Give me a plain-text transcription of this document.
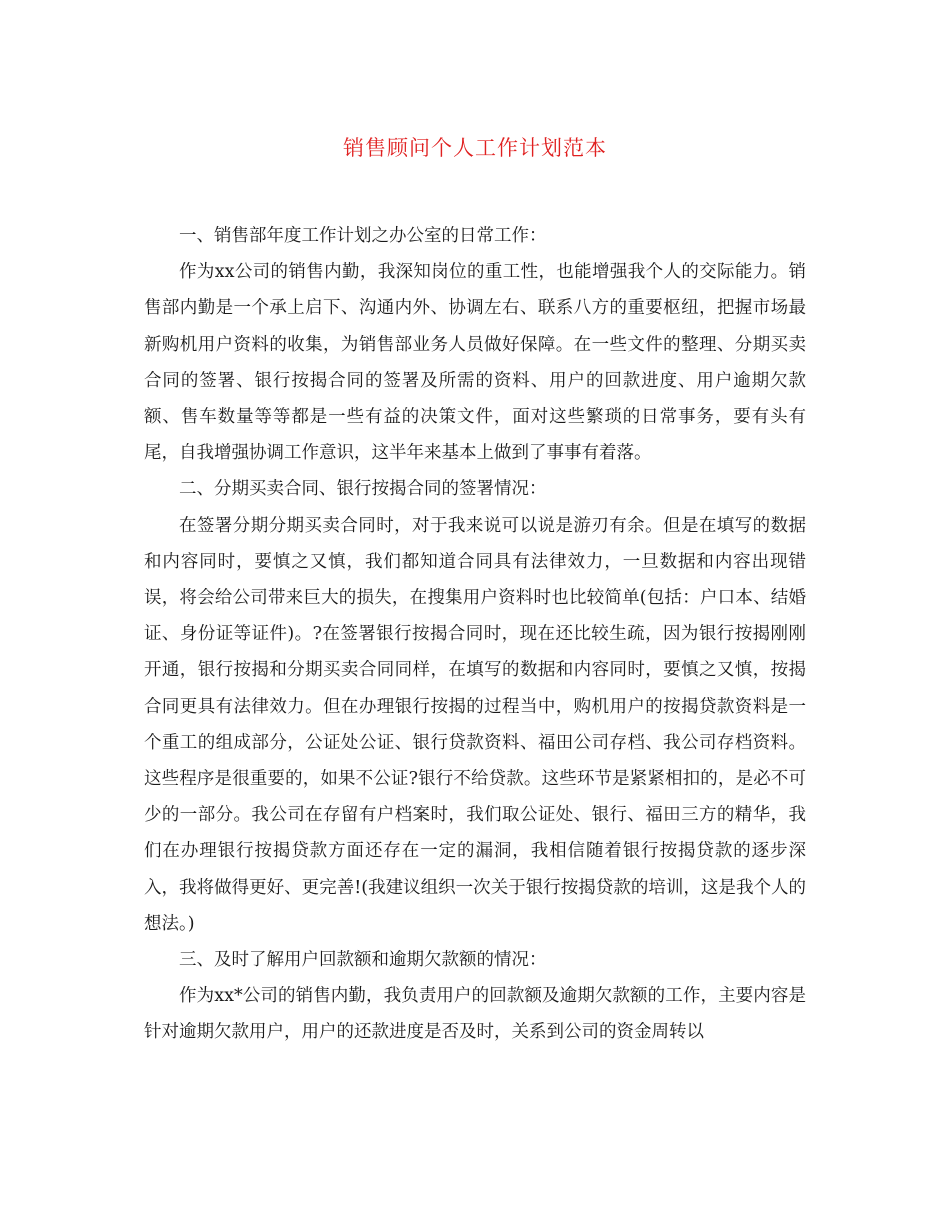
销售顾问个人工作计划范本

一、销售部年度工作计划之办公室的日常工作：

作为xx公司的销售内勤，我深知岗位的重工性，也能增强我个人的交际能力。销售部内勤是一个承上启下、沟通内外、协调左右、联系八方的重要枢纽，把握市场最新购机用户资料的收集，为销售部业务人员做好保障。在一些文件的整理、分期买卖合同的签署、银行按揭合同的签署及所需的资料、用户的回款进度、用户逾期欠款额、售车数量等等都是一些有益的决策文件，面对这些繁琐的日常事务，要有头有尾，自我增强协调工作意识，这半年来基本上做到了事事有着落。

二、分期买卖合同、银行按揭合同的签署情况：

在签署分期分期买卖合同时，对于我来说可以说是游刃有余。但是在填写的数据和内容同时，要慎之又慎，我们都知道合同具有法律效力，一旦数据和内容出现错误，将会给公司带来巨大的损失，在搜集用户资料时也比较简单(包括：户口本、结婚证、身份证等证件)。?在签署银行按揭合同时，现在还比较生疏，因为银行按揭刚刚开通，银行按揭和分期买卖合同同样，在填写的数据和内容同时，要慎之又慎，按揭合同更具有法律效力。但在办理银行按揭的过程当中，购机用户的按揭贷款资料是一个重工的组成部分，公证处公证、银行贷款资料、福田公司存档、我公司存档资料。这些程序是很重要的，如果不公证?银行不给贷款。这些环节是紧紧相扣的，是必不可少的一部分。我公司在存留有户档案时，我们取公证处、银行、福田三方的精华，我们在办理银行按揭贷款方面还存在一定的漏洞，我相信随着银行按揭贷款的逐步深入，我将做得更好、更完善!(我建议组织一次关于银行按揭贷款的培训，这是我个人的想法。)

三、及时了解用户回款额和逾期欠款额的情况：

作为xx*公司的销售内勤，我负责用户的回款额及逾期欠款额的工作，主要内容是针对逾期欠款用户，用户的还款进度是否及时，关系到公司的资金周转以
